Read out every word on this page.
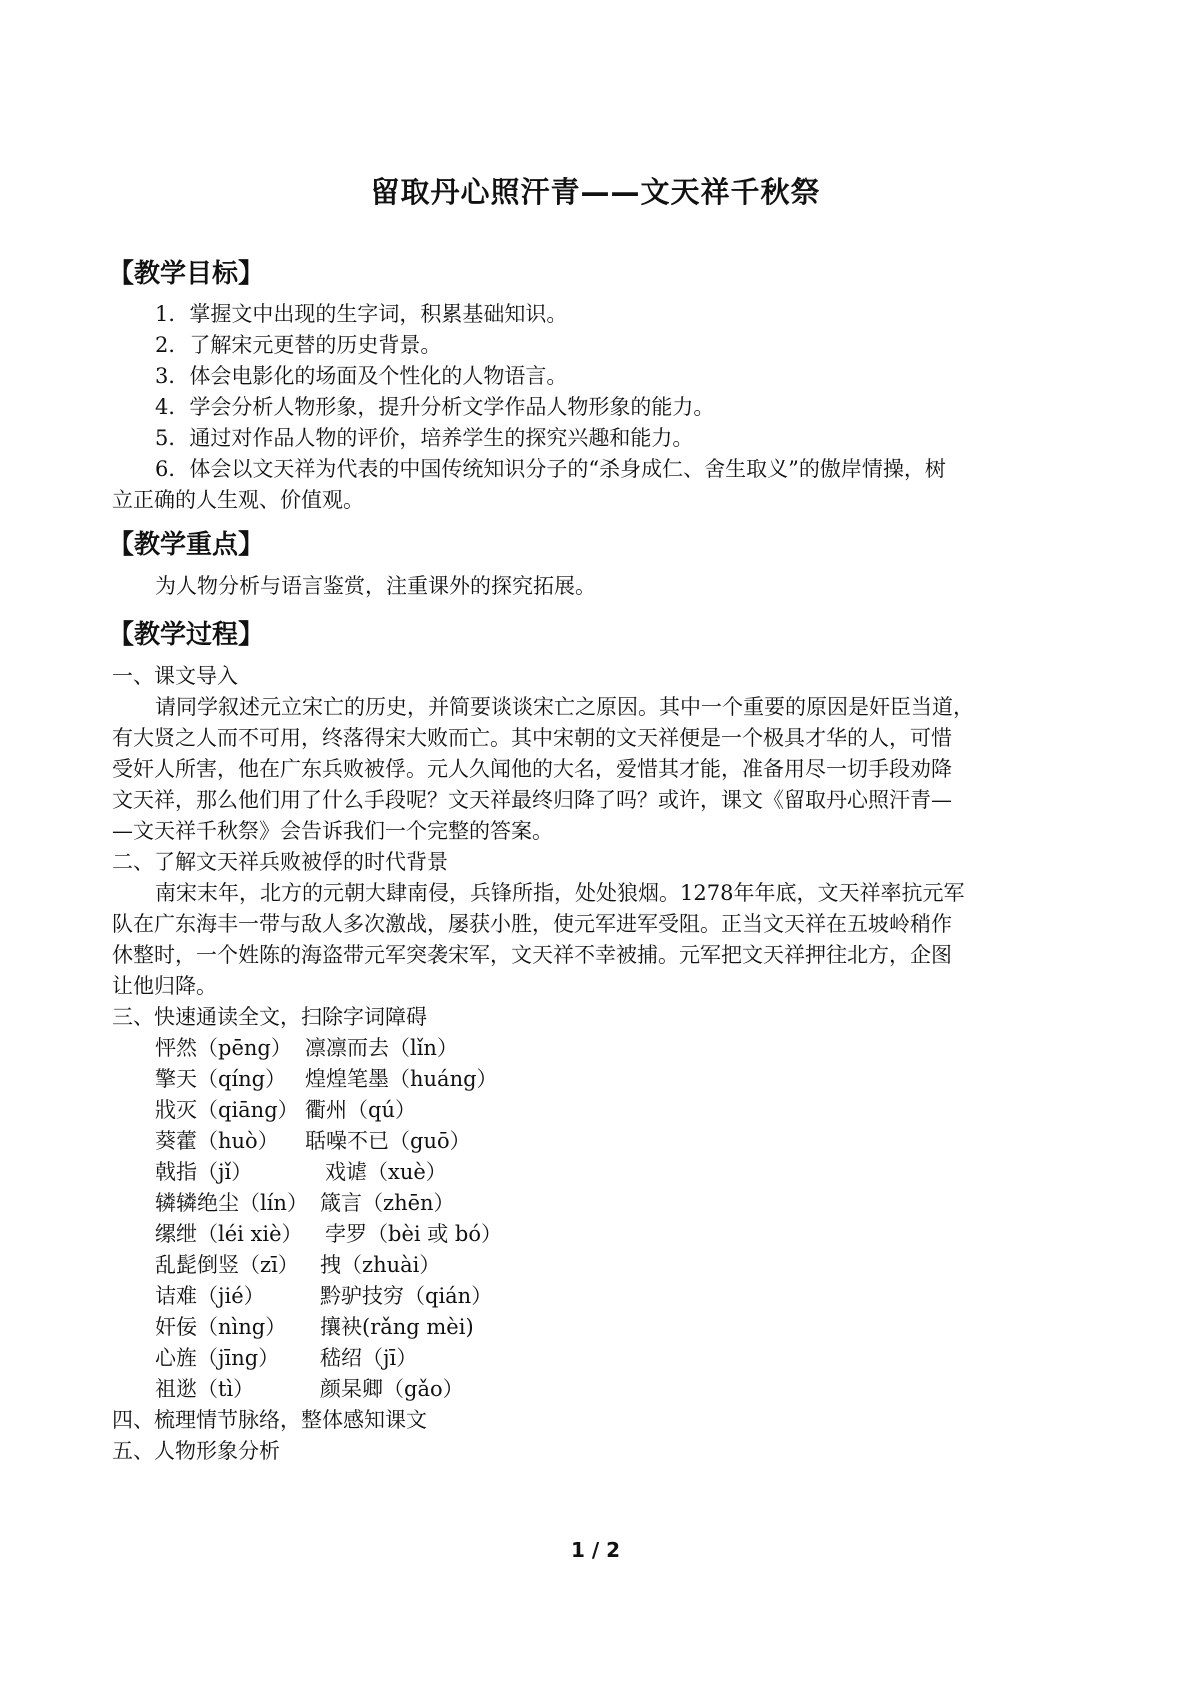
留取丹心照汗青——文天祥千秋祭
【教学目标】
1．掌握文中出现的生字词，积累基础知识。
2．了解宋元更替的历史背景。
3．体会电影化的场面及个性化的人物语言。
4．学会分析人物形象，提升分析文学作品人物形象的能力。
5．通过对作品人物的评价，培养学生的探究兴趣和能力。
6．体会以文天祥为代表的中国传统知识分子的“杀身成仁、舍生取义”的傲岸情操，树
立正确的人生观、价值观。
【教学重点】
为人物分析与语言鉴赏，注重课外的探究拓展。
【教学过程】
一、课文导入
请同学叙述元立宋亡的历史，并简要谈谈宋亡之原因。其中一个重要的原因是奸臣当道，
有大贤之人而不可用，终落得宋大败而亡。其中宋朝的文天祥便是一个极具才华的人，可惜
受奸人所害，他在广东兵败被俘。元人久闻他的大名，爱惜其才能，准备用尽一切手段劝降
文天祥，那么他们用了什么手段呢？文天祥最终归降了吗？或许，课文《留取丹心照汗青—
—文天祥千秋祭》会告诉我们一个完整的答案。
二、了解文天祥兵败被俘的时代背景
南宋末年，北方的元朝大肆南侵，兵锋所指，处处狼烟。1278年年底，文天祥率抗元军
队在广东海丰一带与敌人多次激战，屡获小胜，使元军进军受阻。正当文天祥在五坡岭稍作
休整时，一个姓陈的海盗带元军突袭宋军，文天祥不幸被捕。元军把文天祥押往北方，企图
让他归降。
三、快速通读全文，扫除字词障碍
怦然（pēng） 凛凛而去（lǐn）
擎天（qíng） 煌煌笔墨（huáng）
戕灭（qiāng） 衢州（qú）
葵藿（huò） 聒噪不已（guō）
戟指（jǐ）	戏谑（xuè）
辚辚绝尘（lín） 箴言（zhēn）
缧绁（léi xiè） 孛罗（bèi 或 bó）
乱髭倒竖（zī） 拽（zhuài）
诘难（jié）	黔驴技穷（qián）
奸佞（nìng） 攘袂(rǎng mèi)
心旌（jīng） 嵇绍（jī）
祖逖（tì）	颜杲卿（gǎo）
四、梳理情节脉络，整体感知课文
五、人物形象分析
1 / 2
